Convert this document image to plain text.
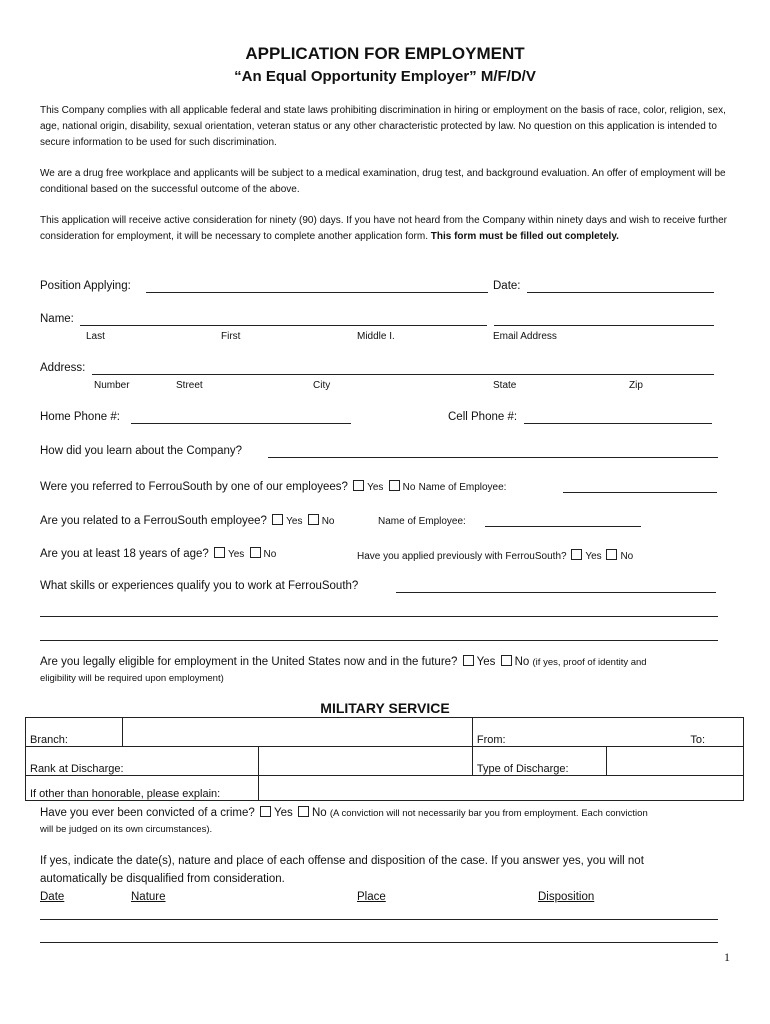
APPLICATION FOR EMPLOYMENT
“An Equal Opportunity Employer” M/F/D/V
This Company complies with all applicable federal and state laws prohibiting discrimination in hiring or employment on the basis of race, color, religion, sex, age, national origin, disability, sexual orientation, veteran status or any other characteristic protected by law. No question on this application is intended to secure information to be used for such discrimination.
We are a drug free workplace and applicants will be subject to a medical examination, drug test, and background evaluation. An offer of employment will be conditional based on the successful outcome of the above.
This application will receive active consideration for ninety (90) days. If you have not heard from the Company within ninety days and wish to receive further consideration for employment, it will be necessary to complete another application form. This form must be filled out completely.
Position Applying:	Date:
Name:
Last	First	Middle I.	Email Address
Address:
Number	Street	City	State	Zip
Home Phone #:	Cell Phone #:
How did you learn about the Company?
Were you referred to FerrouSouth by one of our employees? Yes No Name of Employee:
Are you related to a FerrouSouth employee? Yes No	Name of Employee:
Are you at least 18 years of age? Yes No	Have you applied previously with FerrouSouth? Yes No
What skills or experiences qualify you to work at FerrouSouth?
Are you legally eligible for employment in the United States now and in the future? Yes No (if yes, proof of identity and
eligibility will be required upon employment)
MILITARY SERVICE
Branch:			From:	To:
Rank at Discharge:			Type of Discharge:	
If other than honorable, please explain:				
Have you ever been convicted of a crime? Yes No (A conviction will not necessarily bar you from employment. Each conviction
will be judged on its own circumstances).
If yes, indicate the date(s), nature and place of each offense and disposition of the case. If you answer yes, you will not
automatically be disqualified from consideration.
Date	Nature	Place	Disposition
1
